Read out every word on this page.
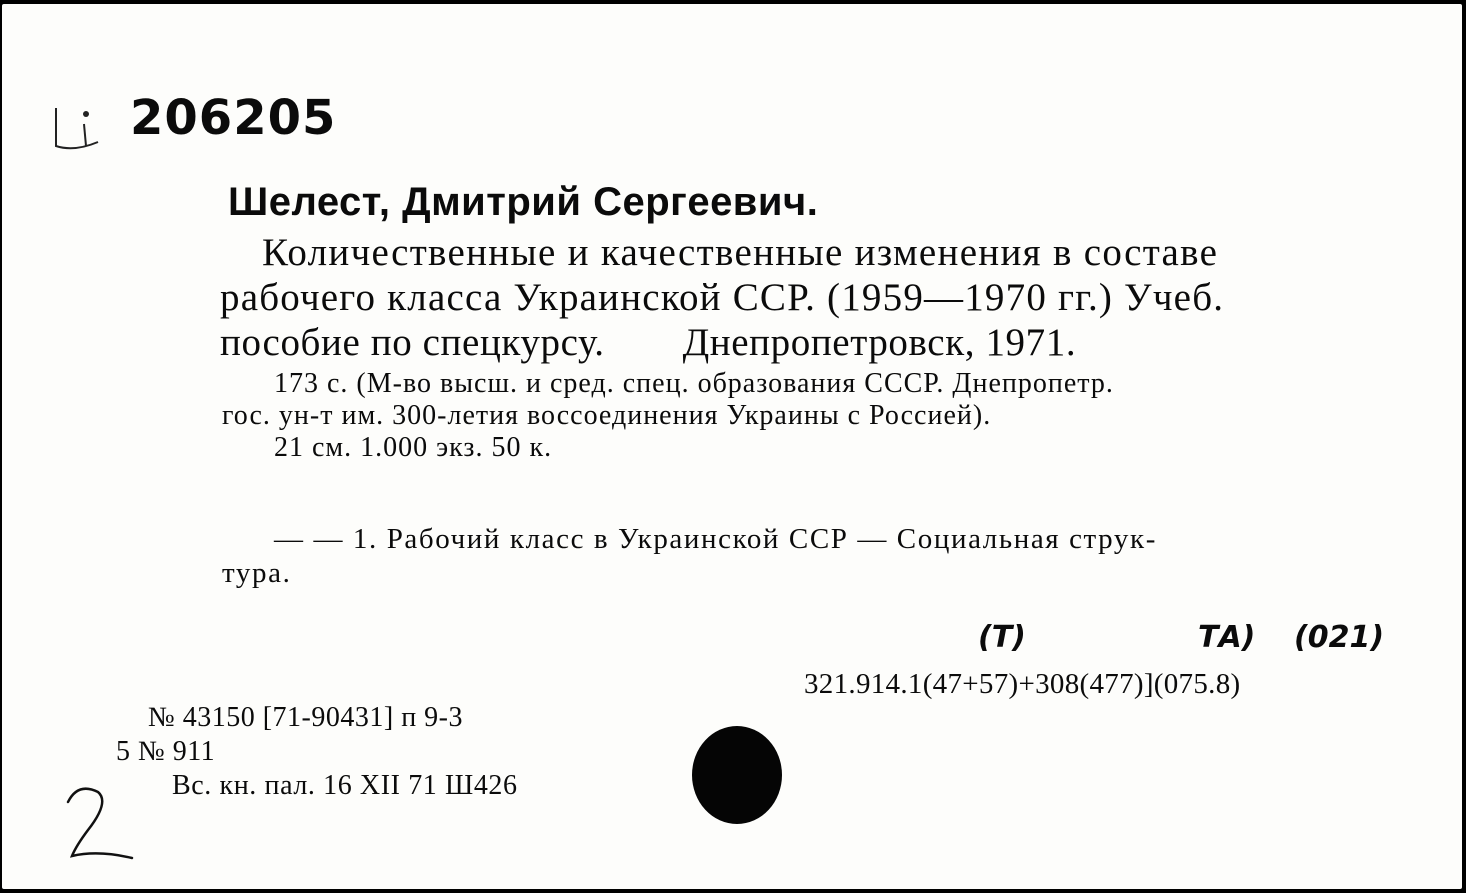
206205
Шелест, Дмитрий Сергеевич.

Количественные и качественные изменения в составе

рабочего класса Украинской ССР. (1959—1970 гг.) Учеб.

пособие по спецкурсу. Днепропетровск, 1971.

173 с. (М-во высш. и сред. спец. образования СССР. Днепропетр.

гос. ун-т им. 300-летия воссоединения Украины с Россией).

21 см. 1.000 экз. 50 к.

— — 1. Рабочий класс в Украинской ССР — Социальная струк-

тура.

(Т)	ТА) (021)
321.914.1(47+57)+308(477)](075.8)
№ 43150 [71-90431] п 9-3
5 № 911
Вс. кн. пал. 16 XII 71 Ш426
